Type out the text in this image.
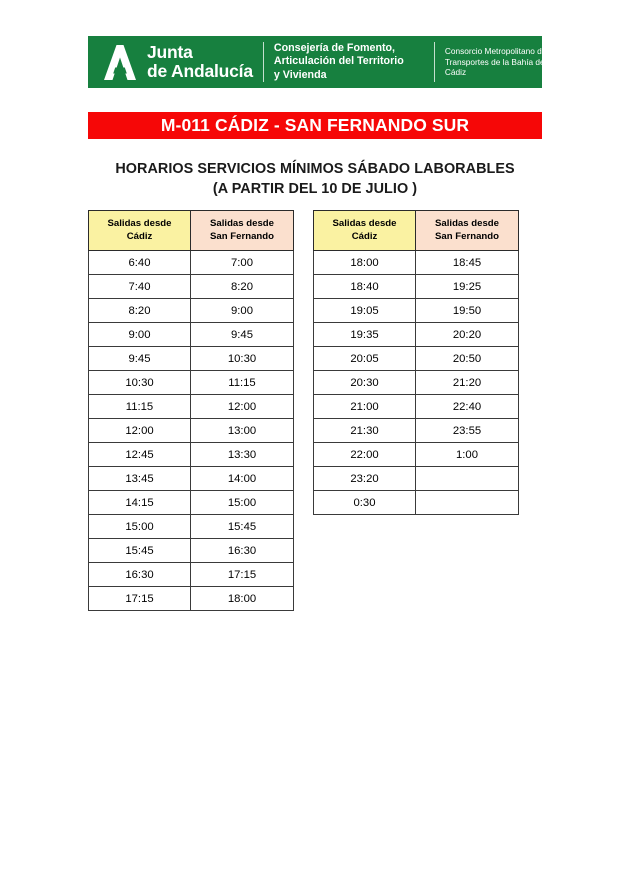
Junta
de Andalucía
Consejería de Fomento,
Articulación del Territorio
y Vivienda
Consorcio Metropolitano de
Transportes de la Bahía de
Cádiz
M-011 CÁDIZ - SAN FERNANDO SUR
HORARIOS SERVICIOS MÍNIMOS SÁBADO LABORABLES
(A PARTIR DEL 10 DE JULIO )
Salidas desde
Cádiz	Salidas desde
San Fernando
6:40	7:00
7:40	8:20
8:20	9:00
9:00	9:45
9:45	10:30
10:30	11:15
11:15	12:00
12:00	13:00
12:45	13:30
13:45	14:00
14:15	15:00
15:00	15:45
15:45	16:30
16:30	17:15
17:15	18:00
Salidas desde
Cádiz	Salidas desde
San Fernando
18:00	18:45
18:40	19:25
19:05	19:50
19:35	20:20
20:05	20:50
20:30	21:20
21:00	22:40
21:30	23:55
22:00	1:00
23:20	
0:30	
